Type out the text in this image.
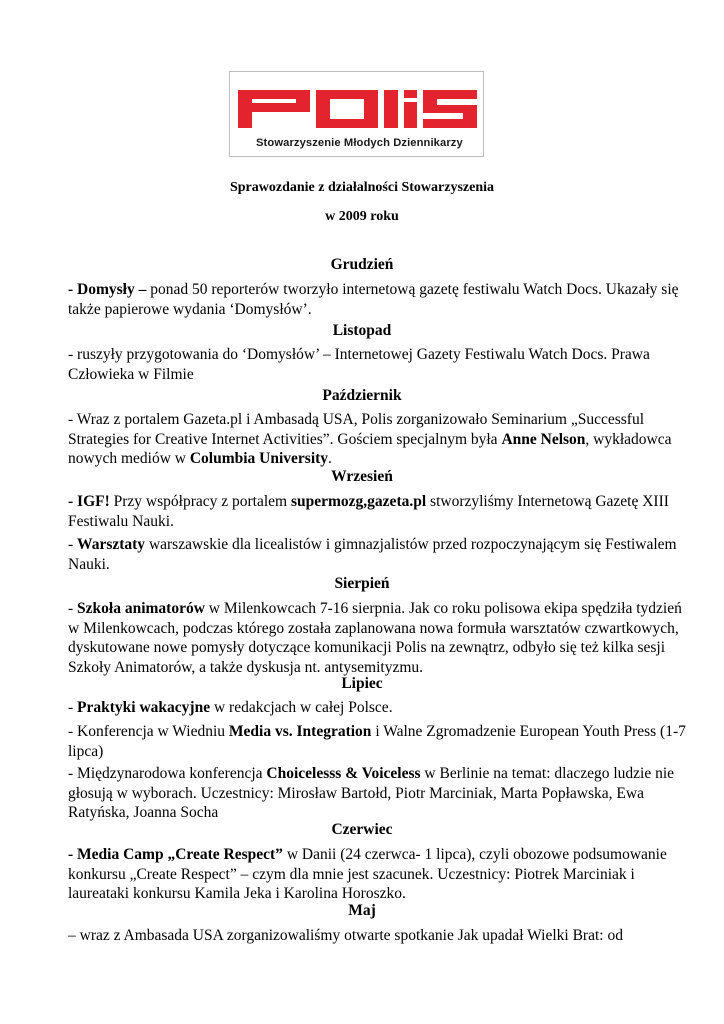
Stowarzyszenie Młodych Dziennikarzy
Sprawozdanie z działalności Stowarzyszenia
w 2009 roku
Grudzień
- Domysły – ponad 50 reporterów tworzyło internetową gazetę festiwalu Watch Docs. Ukazały się
także papierowe wydania ‘Domysłów’.
Listopad
- ruszyły przygotowania do ‘Domysłów’ – Internetowej Gazety Festiwalu Watch Docs. Prawa
Człowieka w Filmie
Październik
- Wraz z portalem Gazeta.pl i Ambasadą USA, Polis zorganizowało Seminarium „Successful
Strategies for Creative Internet Activities”. Gościem specjalnym była Anne Nelson, wykładowca
nowych mediów w Columbia University.
Wrzesień
- IGF! Przy współpracy z portalem supermozg,gazeta.pl stworzyliśmy Internetową Gazetę XIII
Festiwalu Nauki.
- Warsztaty warszawskie dla licealistów i gimnazjalistów przed rozpoczynającym się Festiwalem
Nauki.
Sierpień
- Szkoła animatorów w Milenkowcach 7-16 sierpnia. Jak co roku polisowa ekipa spędziła tydzień
w Milenkowcach, podczas którego została zaplanowana nowa formuła warsztatów czwartkowych,
dyskutowane nowe pomysły dotyczące komunikacji Polis na zewnątrz, odbyło się też kilka sesji
Szkoły Animatorów, a także dyskusja nt. antysemityzmu.
Lipiec
- Praktyki wakacyjne w redakcjach w całej Polsce.
- Konferencja w Wiedniu Media vs. Integration i Walne Zgromadzenie European Youth Press (1-7
lipca)
- Międzynarodowa konferencja Choicelesss & Voiceless w Berlinie na temat: dlaczego ludzie nie
głosują w wyborach. Uczestnicy: Mirosław Bartołd, Piotr Marciniak, Marta Popławska, Ewa
Ratyńska, Joanna Socha
Czerwiec
- Media Camp „Create Respect” w Danii (24 czerwca- 1 lipca), czyli obozowe podsumowanie
konkursu „Create Respect” – czym dla mnie jest szacunek. Uczestnicy: Piotrek Marciniak i
laureataki konkursu Kamila Jeka i Karolina Horoszko.
Maj
– wraz z Ambasada USA zorganizowaliśmy otwarte spotkanie Jak upadał Wielki Brat: od
